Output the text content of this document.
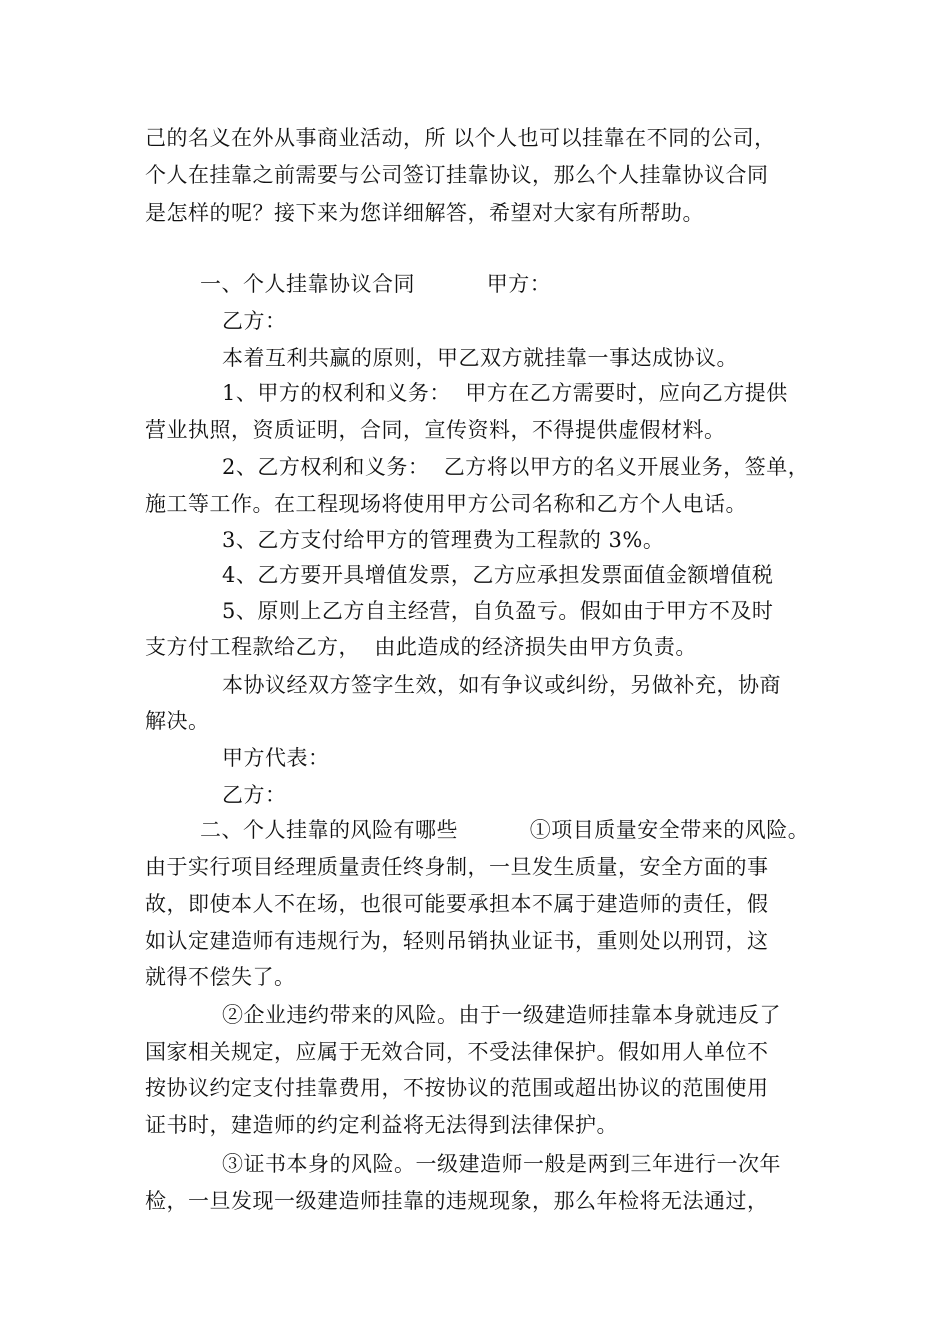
己的名义在外从事商业活动，所 以个人也可以挂靠在不同的公司，
个人在挂靠之前需要与公司签订挂靠协议，那么个人挂靠协议合同
是怎样的呢？接下来为您详细解答，希望对大家有所帮助。
一、个人挂靠协议合同          甲方：
乙方：
本着互利共赢的原则，甲乙双方就挂靠一事达成协议。
1、甲方的权利和义务：  甲方在乙方需要时，应向乙方提供
营业执照，资质证明，合同，宣传资料，不得提供虚假材料。
2、乙方权利和义务：  乙方将以甲方的名义开展业务，签单，
施工等工作。在工程现场将使用甲方公司名称和乙方个人电话。
3、乙方支付给甲方的管理费为工程款的 3%。
4、乙方要开具增值发票，乙方应承担发票面值金额增值税
5、原则上乙方自主经营，自负盈亏。假如由于甲方不及时
支方付工程款给乙方，  由此造成的经济损失由甲方负责。
本协议经双方签字生效，如有争议或纠纷，另做补充，协商
解决。
甲方代表：
乙方：
二、个人挂靠的风险有哪些          ①项目质量安全带来的风险。
由于实行项目经理质量责任终身制，一旦发生质量，安全方面的事
故，即使本人不在场，也很可能要承担本不属于建造师的责任，假
如认定建造师有违规行为，轻则吊销执业证书，重则处以刑罚，这
就得不偿失了。
②企业违约带来的风险。由于一级建造师挂靠本身就违反了
国家相关规定，应属于无效合同，不受法律保护。假如用人单位不
按协议约定支付挂靠费用，不按协议的范围或超出协议的范围使用
证书时，建造师的约定利益将无法得到法律保护。
③证书本身的风险。一级建造师一般是两到三年进行一次年
检，一旦发现一级建造师挂靠的违规现象，那么年检将无法通过，
